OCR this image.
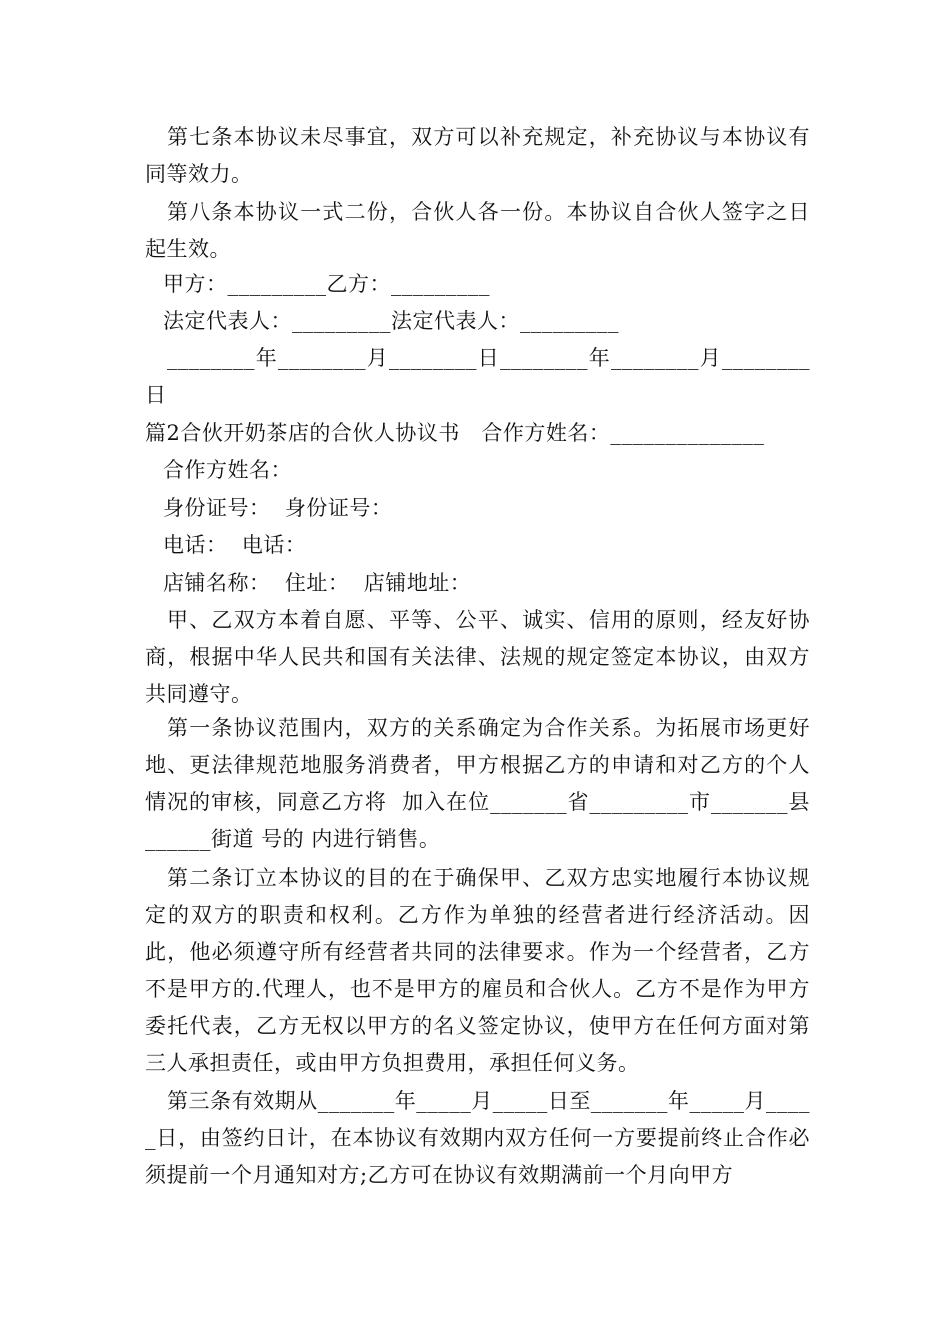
第七条本协议未尽事宜，双方可以补充规定，补充协议与本协议有同等效力。
第八条本协议一式二份，合伙人各一份。本协议自合伙人签字之日起生效。
甲方：_________乙方：_________
法定代表人：_________法定代表人：_________
________年________月________日________年________月________日
篇2合伙开奶茶店的合伙人协议书　合作方姓名：______________
合作方姓名：
身份证号：  身份证号：
电话：  电话：
店铺名称：  住址：  店铺地址：
甲、乙双方本着自愿、平等、公平、诚实、信用的原则，经友好协商，根据中华人民共和国有关法律、法规的规定签定本协议，由双方共同遵守。
第一条协议范围内，双方的关系确定为合作关系。为拓展市场更好地、更法律规范地服务消费者，甲方根据乙方的申请和对乙方的个人情况的审核，同意乙方将  加入在位_______省_________市_______县______街道 号的 内进行销售。
第二条订立本协议的目的在于确保甲、乙双方忠实地履行本协议规定的双方的职责和权利。乙方作为单独的经营者进行经济活动。因此，他必须遵守所有经营者共同的法律要求。作为一个经营者，乙方不是甲方的.代理人，也不是甲方的雇员和合伙人。乙方不是作为甲方委托代表，乙方无权以甲方的名义签定协议，使甲方在任何方面对第三人承担责任，或由甲方负担费用，承担任何义务。
第三条有效期从_______年_____月_____日至_______年_____月_____日，由签约日计，在本协议有效期内双方任何一方要提前终止合作必须提前一个月通知对方;乙方可在协议有效期满前一个月向甲方
